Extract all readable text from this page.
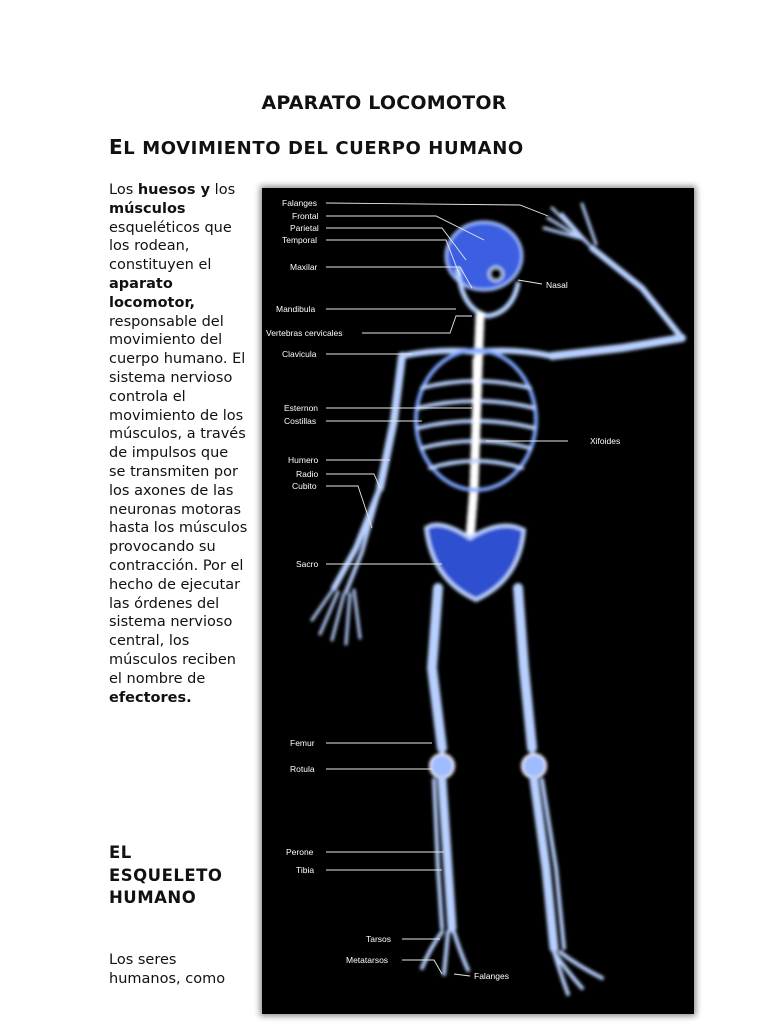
APARATO LOCOMOTOR
EL MOVIMIENTO DEL CUERPO HUMANO

Los huesos y los músculos esqueléticos que los rodean, constituyen el aparato locomotor, responsable del movimiento del cuerpo humano. El sistema nervioso controla el movimiento de los músculos, a través de impulsos que se transmiten por los axones de las neuronas motoras hasta los músculos provocando su contracción. Por el hecho de ejecutar las órdenes del sistema nervioso central, los músculos reciben el nombre de efectores.

EL ESQUELETO HUMANO

Los seres humanos, como

Falanges
Frontal
Parietal
Temporal
Maxilar
Nasal
Mandibula
Vertebras cervicales
Clavicula
Esternon
Costillas
Xifoides
Humero
Radio
Cubito
Sacro
Femur
Rotula
Perone
Tibia
Tarsos
Metatarsos
Falanges
